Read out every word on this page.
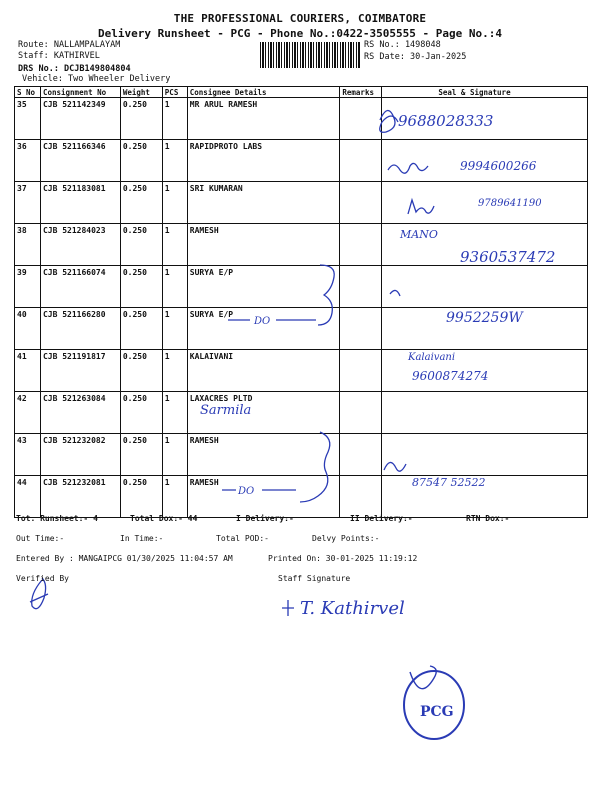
THE PROFESSIONAL COURIERS, COIMBATORE
Delivery Runsheet - PCG - Phone No.:0422-3505555 - Page No.:4
Route: NALLAMPALAYAM
Staff: KATHIRVEL
DRS No.: DCJB149804804
Vehicle: Two Wheeler Delivery
RS No.: 1498048
RS Date: 30-Jan-2025
S No	Consignment No	Weight	PCS	Consignee Details	Remarks	Seal & Signature
35	CJB 521142349	0.250	1	MR ARUL RAMESH		
36	CJB 521166346	0.250	1	RAPIDPROTO LABS		
37	CJB 521183081	0.250	1	SRI KUMARAN		
38	CJB 521284023	0.250	1	RAMESH		
39	CJB 521166074	0.250	1	SURYA E/P		
40	CJB 521166280	0.250	1	SURYA E/P		
41	CJB 521191817	0.250	1	KALAIVANI		
42	CJB 521263084	0.250	1	LAXACRES PLTD		
43	CJB 521232082	0.250	1	RAMESH		
44	CJB 521232081	0.250	1	RAMESH		
9688028333
9994600266
9789641190
MANO
9360537472
9952259W
DO
Kalaivani
9600874274
Sarmila
DO
87547 52522
T. Kathirvel
PCG
Tot. Runsheet:- 4	Total Dox:- 44	I Delivery:-	II Delivery:-	RTN Dox:-
Out Time:-	In Time:-	Total POD:-	Delvy Points:-
Entered By : MANGAIPCG 01/30/2025 11:04:57 AM	Printed On: 30-01-2025 11:19:12
Verified By	Staff Signature
